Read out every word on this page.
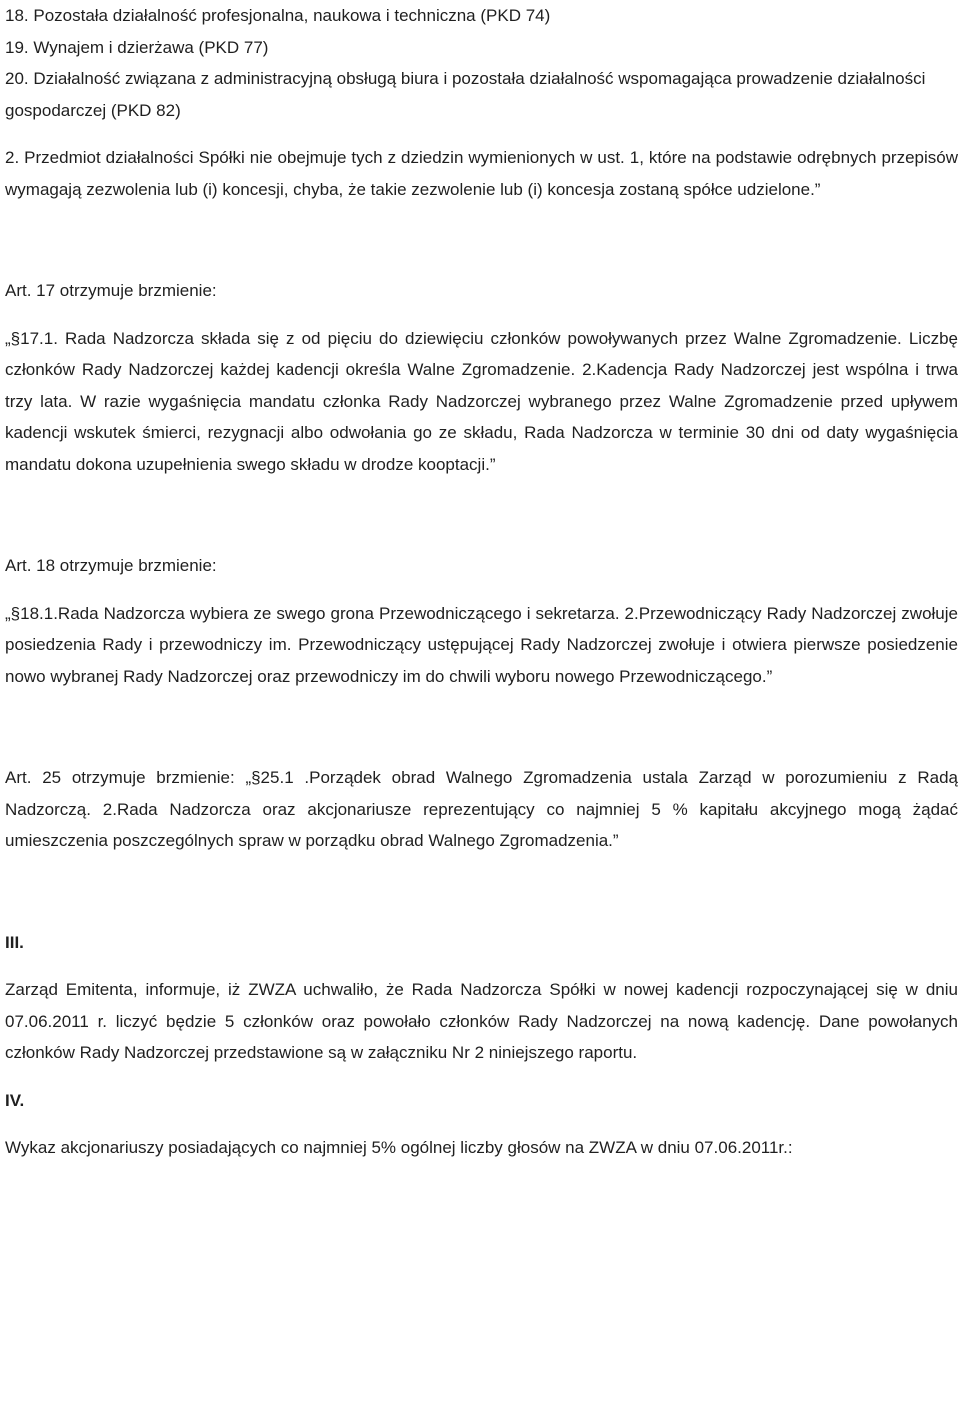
18. Pozostała działalność profesjonalna, naukowa i techniczna (PKD 74)

19. Wynajem i dzierżawa (PKD 77)

20. Działalność związana z administracyjną obsługą biura i pozostała działalność wspomagająca prowadzenie działalności gospodarczej (PKD 82)

2. Przedmiot działalności Spółki nie obejmuje tych z dziedzin wymienionych w ust. 1, które na podstawie odrębnych przepisów wymagają zezwolenia lub (i) koncesji, chyba, że takie zezwolenie lub (i) koncesja zostaną spółce udzielone.”

Art. 17 otrzymuje brzmienie:

„§17.1. Rada Nadzorcza składa się z od pięciu do dziewięciu członków powoływanych przez Walne Zgromadzenie. Liczbę członków Rady Nadzorczej każdej kadencji określa Walne Zgromadzenie. 2.Kadencja Rady Nadzorczej jest wspólna i trwa trzy lata. W razie wygaśnięcia mandatu członka Rady Nadzorczej wybranego przez Walne Zgromadzenie przed upływem kadencji wskutek śmierci, rezygnacji albo odwołania go ze składu, Rada Nadzorcza w terminie 30 dni od daty wygaśnięcia mandatu dokona uzupełnienia swego składu w drodze kooptacji.”

Art. 18 otrzymuje brzmienie:

„§18.1.Rada Nadzorcza wybiera ze swego grona Przewodniczącego i sekretarza. 2.Przewodniczący Rady Nadzorczej zwołuje posiedzenia Rady i przewodniczy im. Przewodniczący ustępującej Rady Nadzorczej zwołuje i otwiera pierwsze posiedzenie nowo wybranej Rady Nadzorczej oraz przewodniczy im do chwili wyboru nowego Przewodniczącego.”

Art. 25 otrzymuje brzmienie: „§25.1 .Porządek obrad Walnego Zgromadzenia ustala Zarząd w porozumieniu z Radą Nadzorczą. 2.Rada Nadzorcza oraz akcjonariusze reprezentujący co najmniej 5 % kapitału akcyjnego mogą żądać umieszczenia poszczególnych spraw w porządku obrad Walnego Zgromadzenia.”

III.

Zarząd Emitenta, informuje, iż ZWZA uchwaliło, że Rada Nadzorcza Spółki w nowej kadencji rozpoczynającej się w dniu 07.06.2011 r. liczyć będzie 5 członków oraz powołało członków Rady Nadzorczej na nową kadencję. Dane powołanych członków Rady Nadzorczej przedstawione są w załączniku Nr 2 niniejszego raportu.

IV.

Wykaz akcjonariuszy posiadających co najmniej 5% ogólnej liczby głosów na ZWZA w dniu 07.06.2011r.:
